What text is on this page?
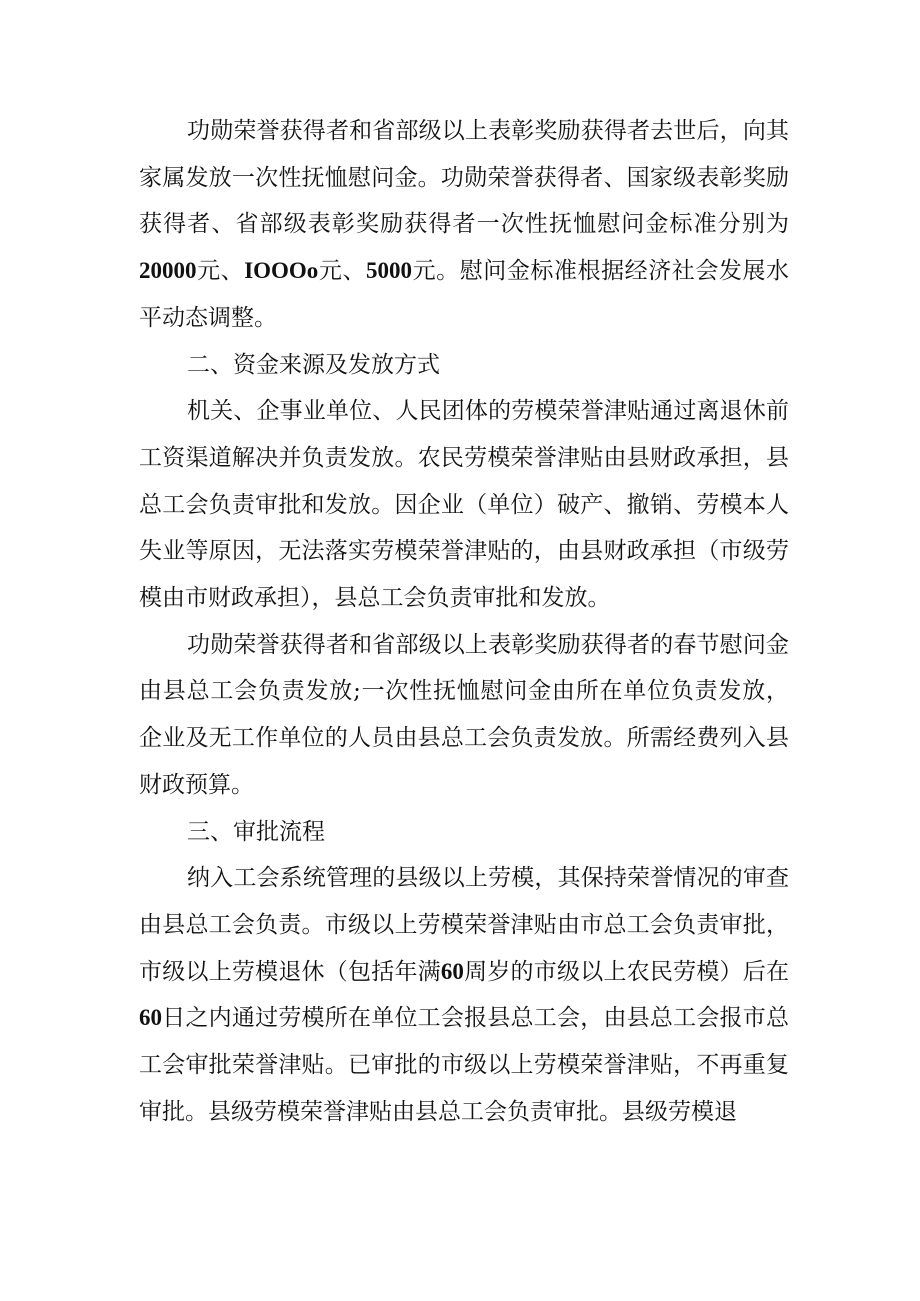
功勋荣誉获得者和省部级以上表彰奖励获得者去世后，向其家属发放一次性抚恤慰问金。功勋荣誉获得者、国家级表彰奖励获得者、省部级表彰奖励获得者一次性抚恤慰问金标准分别为20000元、IOOOo元、5000元。慰问金标准根据经济社会发展水平动态调整。

二、资金来源及发放方式

机关、企事业单位、人民团体的劳模荣誉津贴通过离退休前工资渠道解决并负责发放。农民劳模荣誉津贴由县财政承担，县总工会负责审批和发放。因企业（单位）破产、撤销、劳模本人失业等原因，无法落实劳模荣誉津贴的，由县财政承担（市级劳模由市财政承担），县总工会负责审批和发放。

功勋荣誉获得者和省部级以上表彰奖励获得者的春节慰问金由县总工会负责发放;一次性抚恤慰问金由所在单位负责发放，企业及无工作单位的人员由县总工会负责发放。所需经费列入县财政预算。

三、审批流程

纳入工会系统管理的县级以上劳模，其保持荣誉情况的审查由县总工会负责。市级以上劳模荣誉津贴由市总工会负责审批，市级以上劳模退休（包括年满60周岁的市级以上农民劳模）后在60日之内通过劳模所在单位工会报县总工会，由县总工会报市总工会审批荣誉津贴。已审批的市级以上劳模荣誉津贴，不再重复审批。县级劳模荣誉津贴由县总工会负责审批。县级劳模退
